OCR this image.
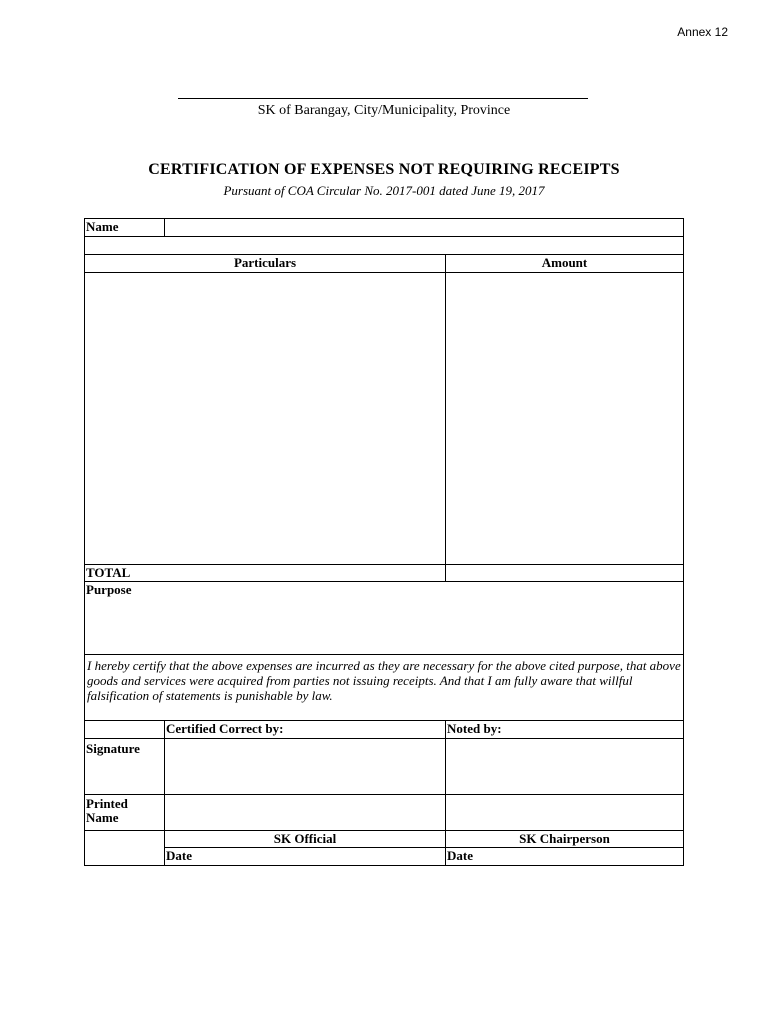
Annex 12
SK of Barangay, City/Municipality, Province
CERTIFICATION OF EXPENSES NOT REQUIRING RECEIPTS
Pursuant of COA Circular No. 2017-001 dated June 19, 2017
Name		

Particulars		Amount

TOTAL		
Purpose		
I hereby certify that the above expenses are incurred as they are necessary for the above cited purpose, that above goods and services were acquired from parties not issuing receipts. And that I am fully aware that willful falsification of statements is punishable by law.		
	Certified Correct by:	Noted by:
Signature		
Printed Name		
	SK Official	SK Chairperson
	Date	Date
